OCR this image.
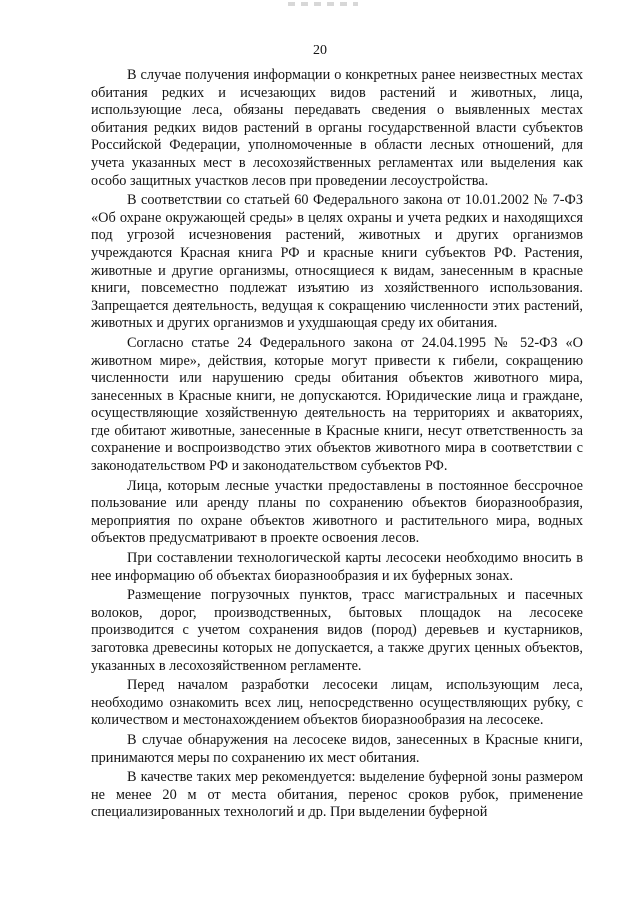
20

В случае получения информации о конкретных ранее неизвестных местах обитания редких и исчезающих видов растений и животных, лица, использующие леса, обязаны передавать сведения о выявленных местах обитания редких видов растений в органы государственной власти субъектов Российской Федерации, уполномоченные в области лесных отношений, для учета указанных мест в лесохозяйственных регламентах или выделения как особо защитных участков лесов при проведении лесоустройства.

В соответствии со статьей 60 Федерального закона от 10.01.2002 № 7-ФЗ «Об охране окружающей среды» в целях охраны и учета редких и находящихся под угрозой исчезновения растений, животных и других организмов учреждаются Красная книга РФ и красные книги субъектов РФ. Растения, животные и другие организмы, относящиеся к видам, занесенным в красные книги, повсеместно подлежат изъятию из хозяйственного использования. Запрещается деятельность, ведущая к сокращению численности этих растений, животных и других организмов и ухудшающая среду их обитания.

Согласно статье 24 Федерального закона от 24.04.1995 № 52-ФЗ «О животном мире», действия, которые могут привести к гибели, сокращению численности или нарушению среды обитания объектов животного мира, занесенных в Красные книги, не допускаются. Юридические лица и граждане, осуществляющие хозяйственную деятельность на территориях и акваториях, где обитают животные, занесенные в Красные книги, несут ответственность за сохранение и воспроизводство этих объектов животного мира в соответствии с законодательством РФ и законодательством субъектов РФ.

Лица, которым лесные участки предоставлены в постоянное бессрочное пользование или аренду планы по сохранению объектов биоразнообразия, мероприятия по охране объектов животного и растительного мира, водных объектов предусматривают в проекте освоения лесов.

При составлении технологической карты лесосеки необходимо вносить в нее информацию об объектах биоразнообразия и их буферных зонах.

Размещение погрузочных пунктов, трасс магистральных и пасечных волоков, дорог, производственных, бытовых площадок на лесосеке производится с учетом сохранения видов (пород) деревьев и кустарников, заготовка древесины которых не допускается, а также других ценных объектов, указанных в лесохозяйственном регламенте.

Перед началом разработки лесосеки лицам, использующим леса, необходимо ознакомить всех лиц, непосредственно осуществляющих рубку, с количеством и местонахождением объектов биоразнообразия на лесосеке.

В случае обнаружения на лесосеке видов, занесенных в Красные книги, принимаются меры по сохранению их мест обитания.

В качестве таких мер рекомендуется: выделение буферной зоны размером не менее 20 м от места обитания, перенос сроков рубок, применение специализированных технологий и др. При выделении буферной
